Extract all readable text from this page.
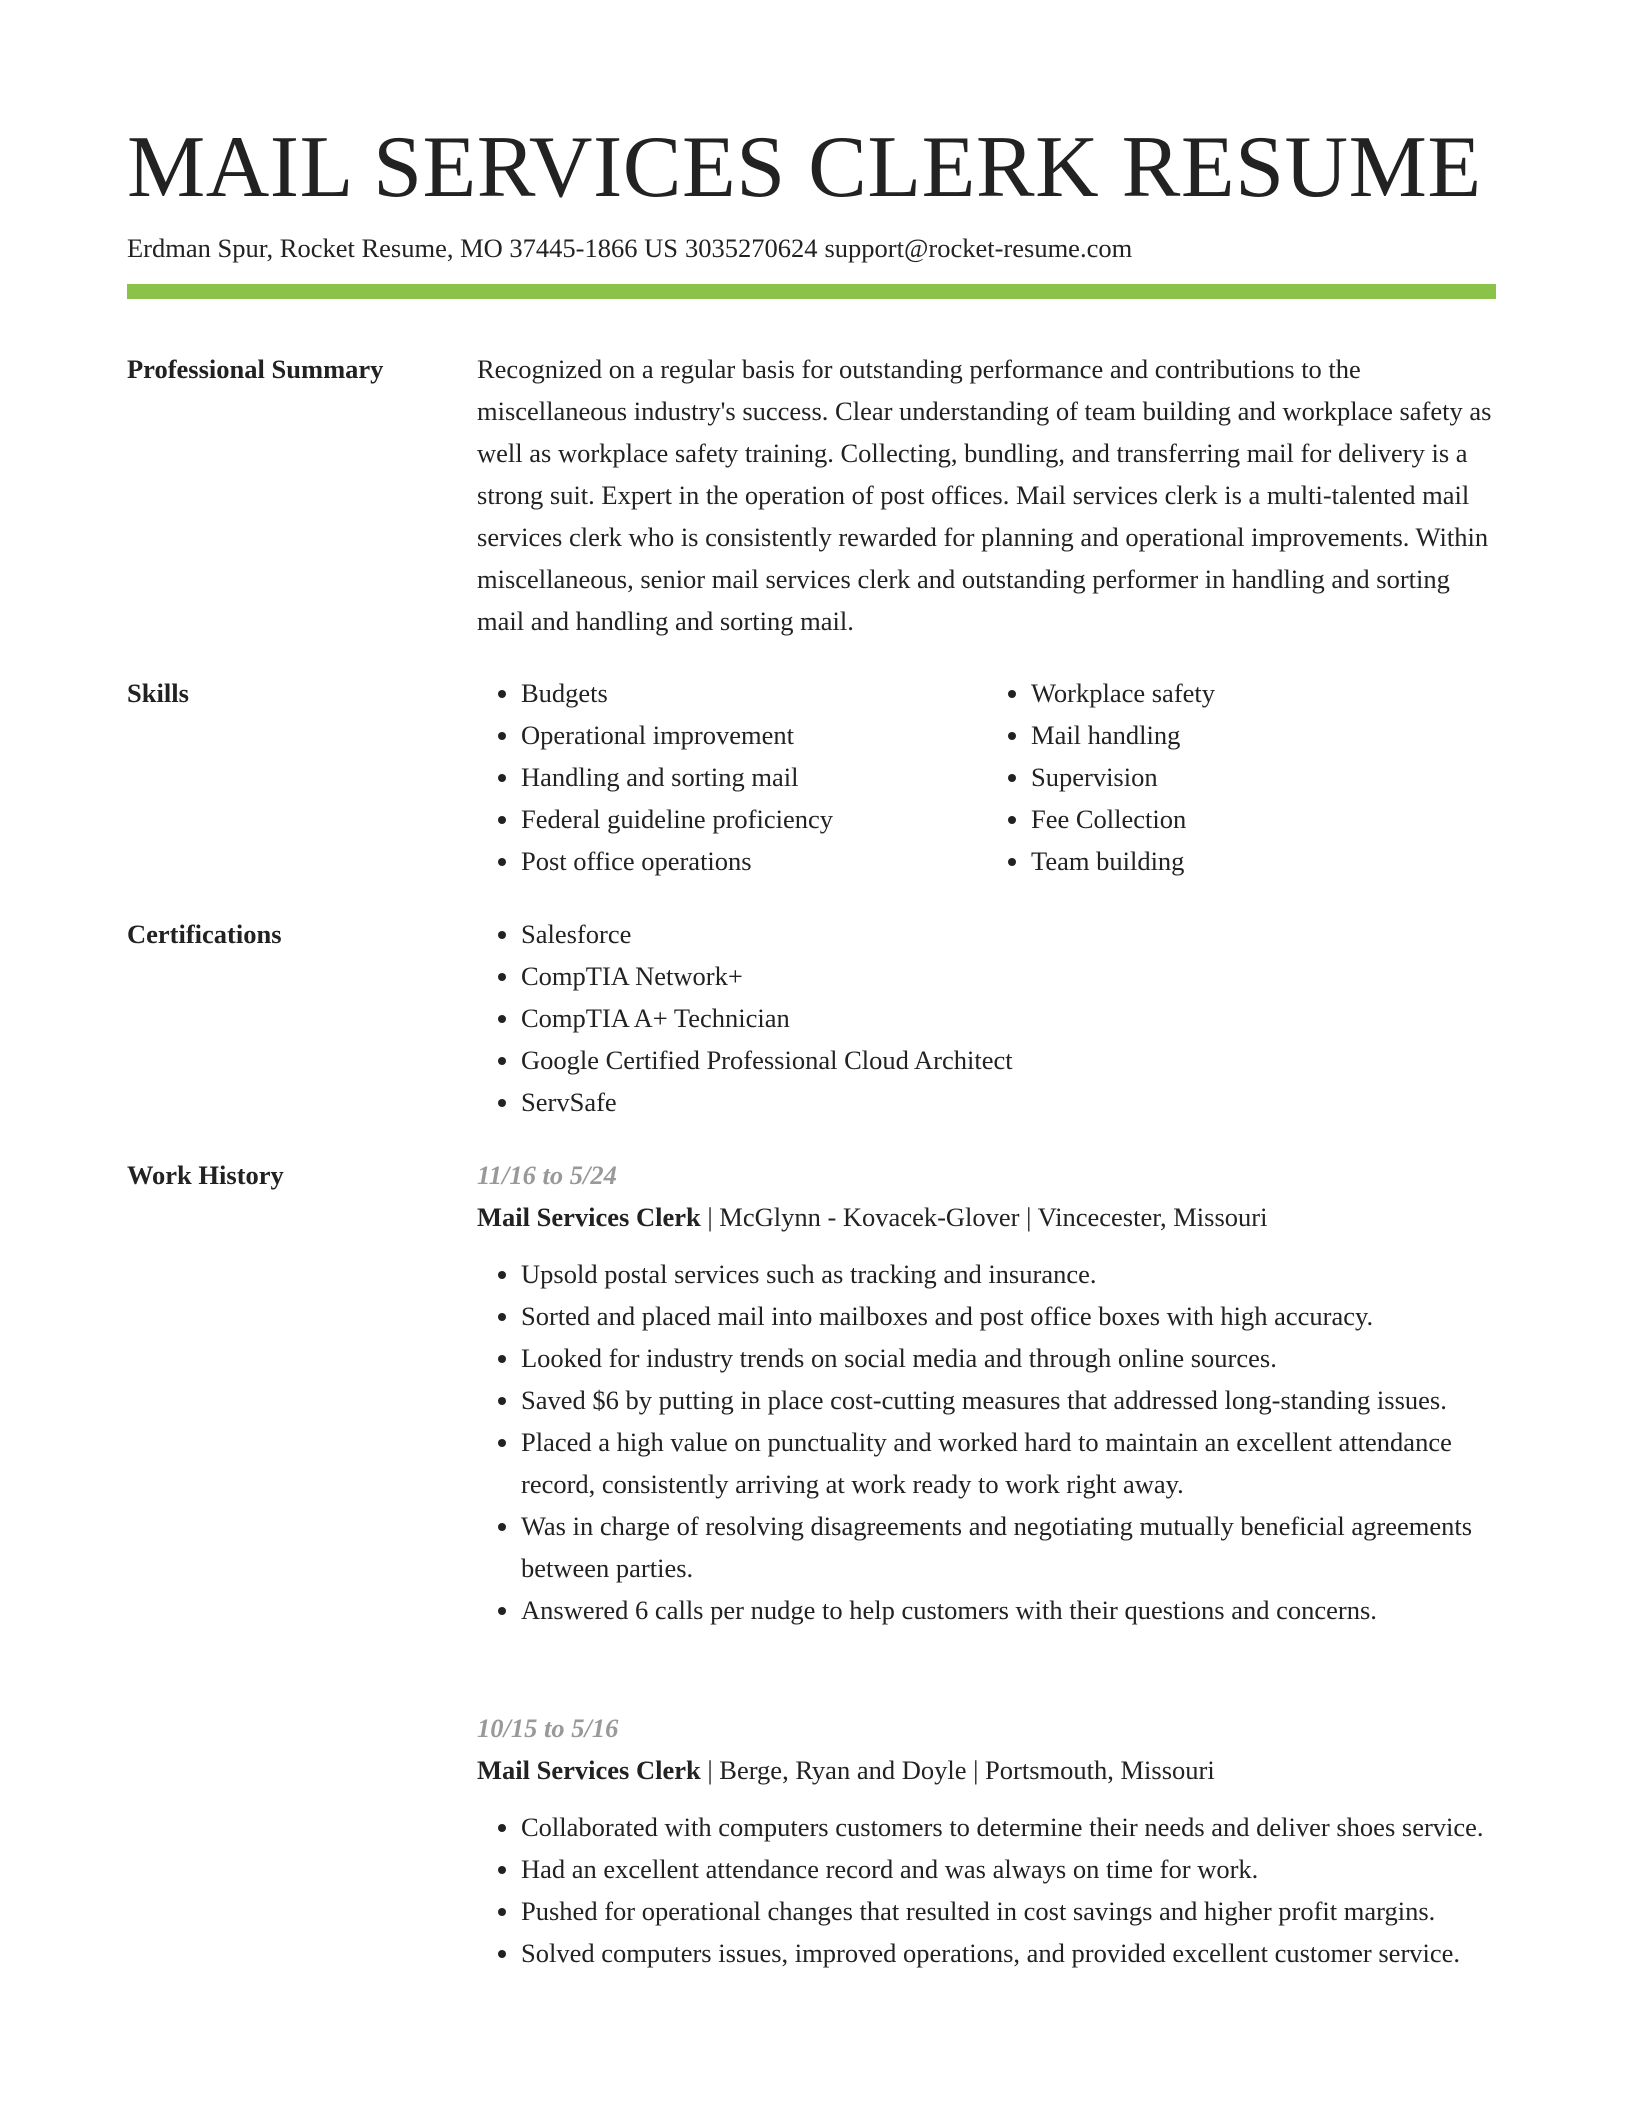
MAIL SERVICES CLERK RESUME
Erdman Spur, Rocket Resume, MO 37445-1866 US 3035270624 support@rocket-resume.com
Professional Summary	Recognized on a regular basis for outstanding performance and contributions to the miscellaneous industry's success. Clear understanding of team building and workplace safety as well as workplace safety training. Collecting, bundling, and transferring mail for delivery is a strong suit. Expert in the operation of post offices. Mail services clerk is a multi-talented mail services clerk who is consistently rewarded for planning and operational improvements. Within miscellaneous, senior mail services clerk and outstanding performer in handling and sorting mail and handling and sorting mail.

Skills	• Budgets
• Operational improvement
• Handling and sorting mail
• Federal guideline proficiency
• Post office operations
• Workplace safety
• Mail handling
• Supervision
• Fee Collection
• Team building
Certifications	• Salesforce
• CompTIA Network+
• CompTIA A+ Technician
• Google Certified Professional Cloud Architect
• ServSafe
Work History	11/16 to 5/24
Mail Services Clerk | McGlynn - Kovacek-Glover | Vincecester, Missouri
• Upsold postal services such as tracking and insurance.
• Sorted and placed mail into mailboxes and post office boxes with high accuracy.
• Looked for industry trends on social media and through online sources.
• Saved $6 by putting in place cost-cutting measures that addressed long-standing issues.
• Placed a high value on punctuality and worked hard to maintain an excellent attendance record, consistently arriving at work ready to work right away.
• Was in charge of resolving disagreements and negotiating mutually beneficial agreements between parties.
• Answered 6 calls per nudge to help customers with their questions and concerns.
10/15 to 5/16
Mail Services Clerk | Berge, Ryan and Doyle | Portsmouth, Missouri
• Collaborated with computers customers to determine their needs and deliver shoes service.
• Had an excellent attendance record and was always on time for work.
• Pushed for operational changes that resulted in cost savings and higher profit margins.
• Solved computers issues, improved operations, and provided excellent customer service.
